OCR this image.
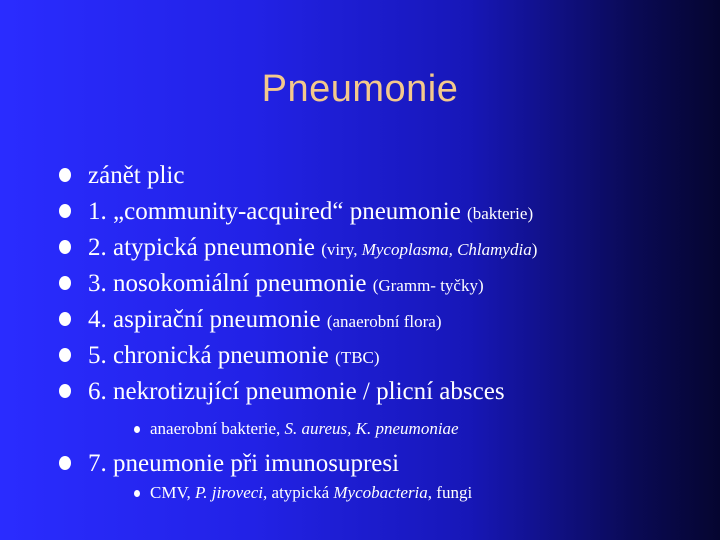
Pneumonie
zánět plic
1. „community-acquired“ pneumonie (bakterie)
2. atypická pneumonie (viry, Mycoplasma, Chlamydia)
3. nosokomiální pneumonie (Gramm- tyčky)
4. aspirační pneumonie (anaerobní flora)
5. chronická pneumonie (TBC)
6. nekrotizující pneumonie / plicní absces
anaerobní bakterie, S. aureus, K. pneumoniae
7. pneumonie při imunosupresi
CMV, P. jiroveci, atypická Mycobacteria, fungi
